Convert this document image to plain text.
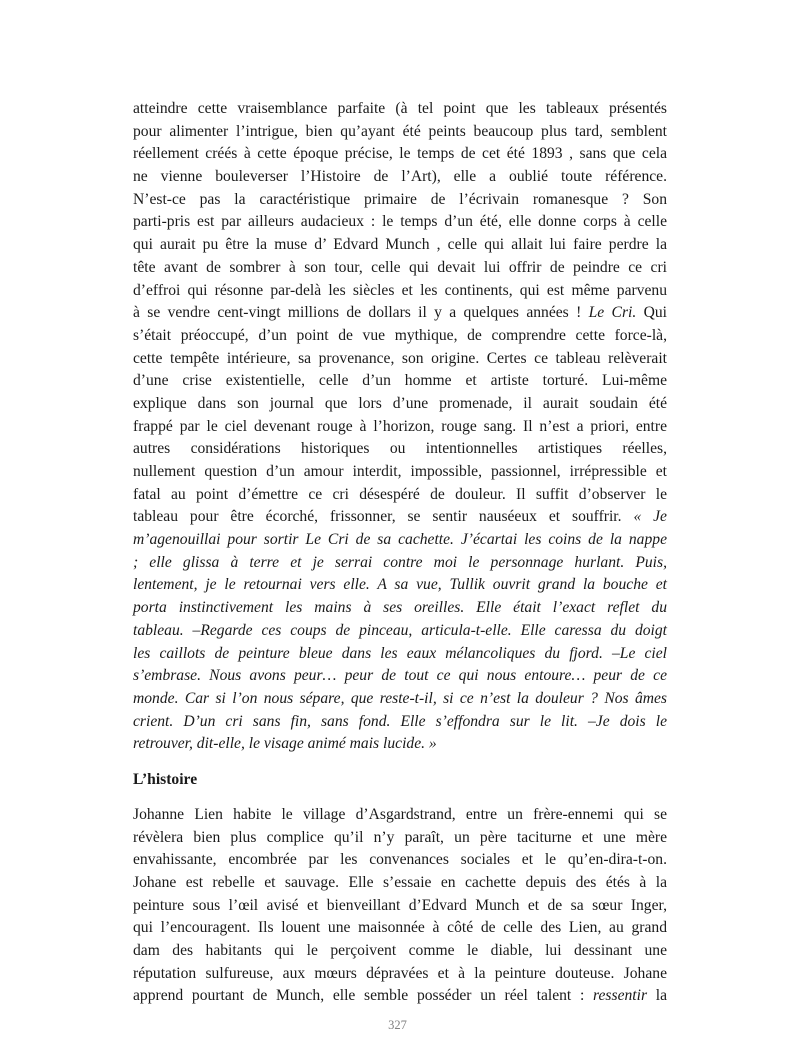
atteindre cette vraisemblance parfaite (à tel point que les tableaux présentés
pour alimenter l’intrigue, bien qu’ayant été peints beaucoup plus tard, semblent
réellement créés à cette époque précise, le temps de cet été 1893 , sans que cela
ne vienne bouleverser l’Histoire de l’Art), elle a oublié toute référence.
N’est-ce pas la caractéristique primaire de l’écrivain romanesque ? Son
parti-pris est par ailleurs audacieux : le temps d’un été, elle donne corps à celle
qui aurait pu être la muse d’ Edvard Munch , celle qui allait lui faire perdre la
tête avant de sombrer à son tour, celle qui devait lui offrir de peindre ce cri
d’effroi qui résonne par-delà les siècles et les continents, qui est même parvenu
à se vendre cent-vingt millions de dollars il y a quelques années ! Le Cri. Qui
s’était préoccupé, d’un point de vue mythique, de comprendre cette force-là,
cette tempête intérieure, sa provenance, son origine. Certes ce tableau relèverait
d’une crise existentielle, celle d’un homme et artiste torturé. Lui-même
explique dans son journal que lors d’une promenade, il aurait soudain été
frappé par le ciel devenant rouge à l’horizon, rouge sang. Il n’est a priori, entre
autres considérations historiques ou intentionnelles artistiques réelles,
nullement question d’un amour interdit, impossible, passionnel, irrépressible et
fatal au point d’émettre ce cri désespéré de douleur. Il suffit d’observer le
tableau pour être écorché, frissonner, se sentir nauséeux et souffrir. « Je
m’agenouillai pour sortir Le Cri de sa cachette. J’écartai les coins de la nappe
; elle glissa à terre et je serrai contre moi le personnage hurlant. Puis,
lentement, je le retournai vers elle. A sa vue, Tullik ouvrit grand la bouche et
porta instinctivement les mains à ses oreilles. Elle était l’exact reflet du
tableau. –Regarde ces coups de pinceau, articula-t-elle. Elle caressa du doigt
les caillots de peinture bleue dans les eaux mélancoliques du fjord. –Le ciel
s’embrase. Nous avons peur… peur de tout ce qui nous entoure… peur de ce
monde. Car si l’on nous sépare, que reste-t-il, si ce n’est la douleur ? Nos âmes
crient. D’un cri sans fin, sans fond. Elle s’effondra sur le lit. –Je dois le
retrouver, dit-elle, le visage animé mais lucide. »
L’histoire
Johanne Lien habite le village d’Asgardstrand, entre un frère-ennemi qui se
révèlera bien plus complice qu’il n’y paraît, un père taciturne et une mère
envahissante, encombrée par les convenances sociales et le qu’en-dira-t-on.
Johane est rebelle et sauvage. Elle s’essaie en cachette depuis des étés à la
peinture sous l’œil avisé et bienveillant d’Edvard Munch et de sa sœur Inger,
qui l’encouragent. Ils louent une maisonnée à côté de celle des Lien, au grand
dam des habitants qui le perçoivent comme le diable, lui dessinant une
réputation sulfureuse, aux mœurs dépravées et à la peinture douteuse. Johane
apprend pourtant de Munch, elle semble posséder un réel talent : ressentir la
327
